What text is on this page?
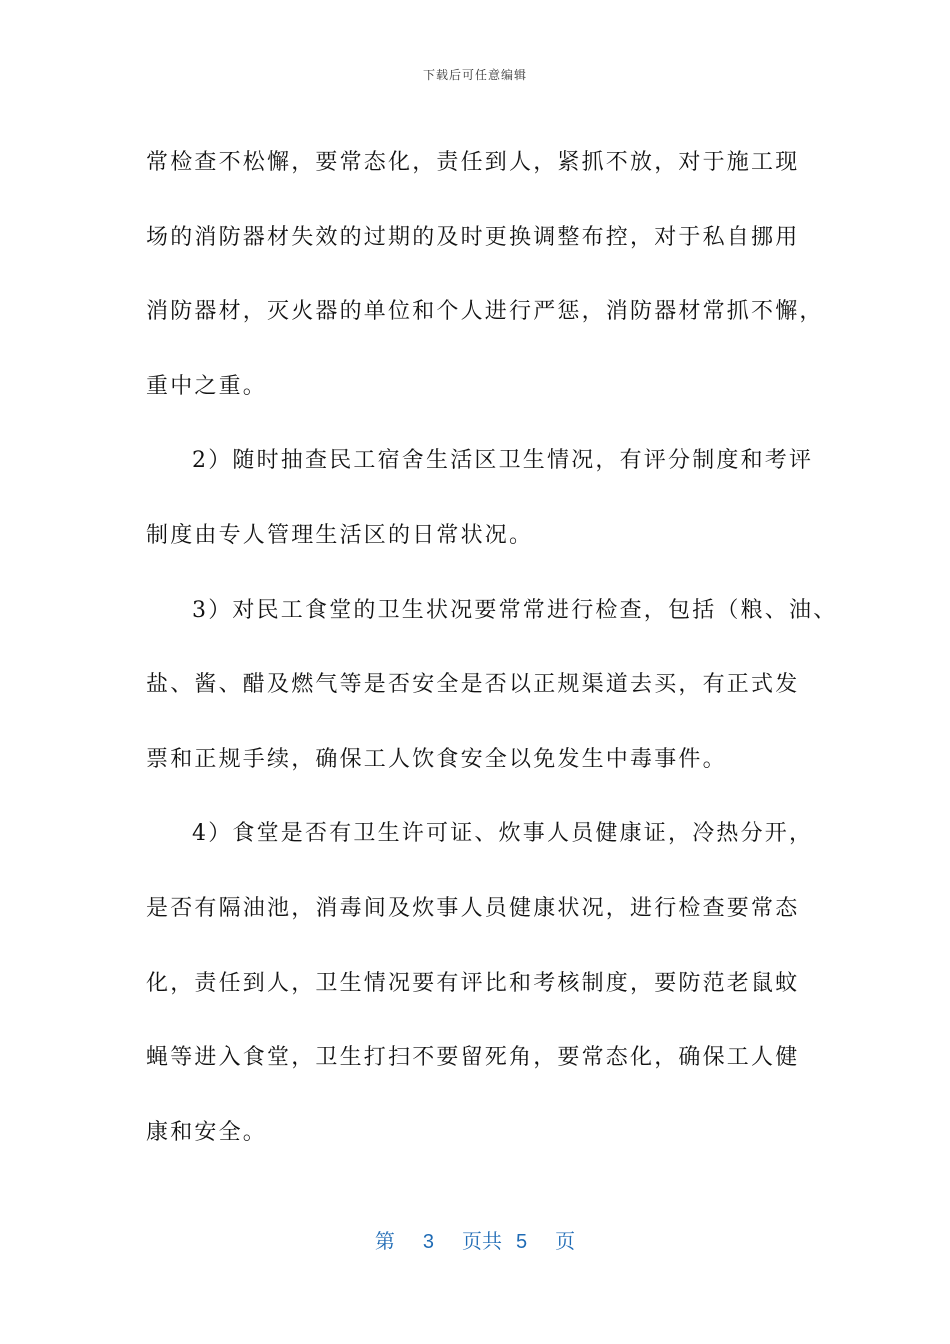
下载后可任意编辑
常检查不松懈，要常态化，责任到人，紧抓不放，对于施工现
场的消防器材失效的过期的及时更换调整布控，对于私自挪用
消防器材，灭火器的单位和个人进行严惩，消防器材常抓不懈，
重中之重。
2）随时抽查民工宿舍生活区卫生情况，有评分制度和考评
制度由专人管理生活区的日常状况。
3）对民工食堂的卫生状况要常常进行检查，包括（粮、油、
盐、酱、醋及燃气等是否安全是否以正规渠道去买，有正式发
票和正规手续，确保工人饮食安全以免发生中毒事件。
4）食堂是否有卫生许可证、炊事人员健康证，冷热分开，
是否有隔油池，消毒间及炊事人员健康状况，进行检查要常态
化，责任到人，卫生情况要有评比和考核制度，要防范老鼠蚊
蝇等进入食堂，卫生打扫不要留死角，要常态化，确保工人健
康和安全。
第 3 页共 5 页
